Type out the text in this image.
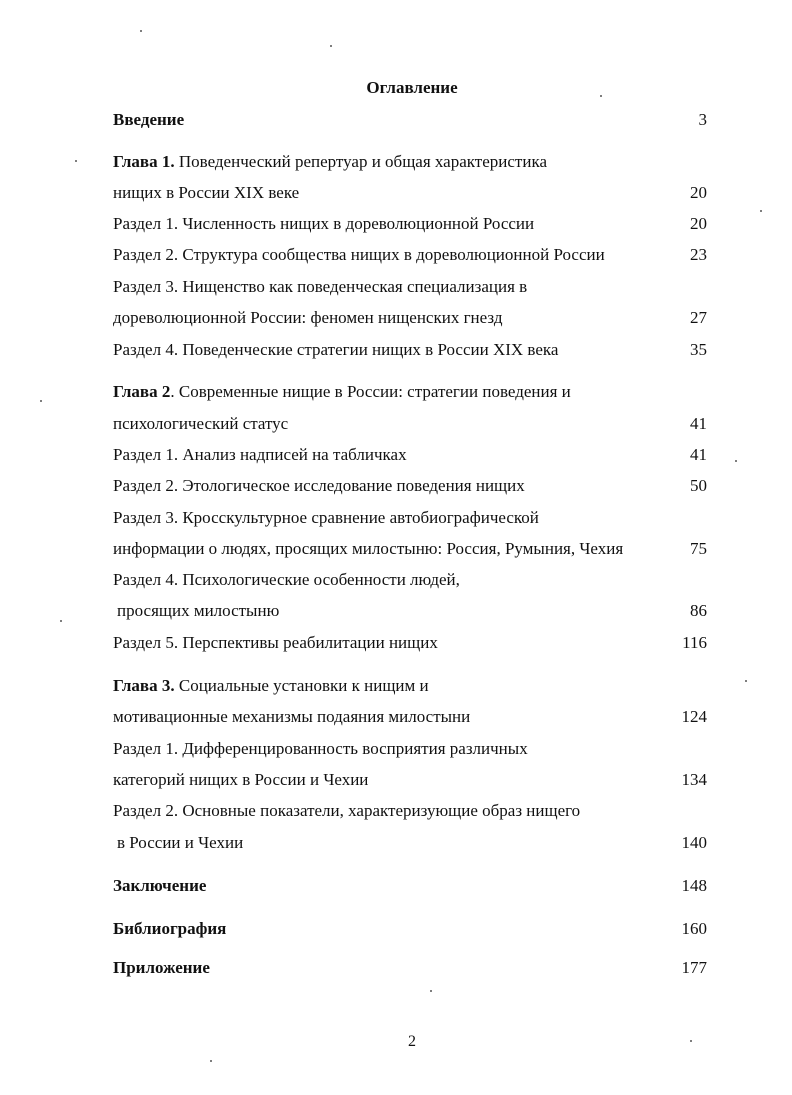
Оглавление
Введение	3
Глава 1. Поведенческий репертуар и общая характеристика
нищих в России XIX веке	20
Раздел 1. Численность нищих в дореволюционной России	20
Раздел 2. Структура сообщества нищих в дореволюционной России	23
Раздел 3. Нищенство как поведенческая специализация в
дореволюционной России: феномен нищенских гнезд	27
Раздел 4. Поведенческие стратегии нищих в России XIX века	35
Глава 2. Современные нищие в России: стратегии поведения и
психологический статус	41
Раздел 1. Анализ надписей на табличках	41
Раздел 2. Этологическое исследование поведения нищих	50
Раздел 3. Кросскультурное сравнение автобиографической
информации о людях, просящих милостыню: Россия, Румыния, Чехия	75
Раздел 4. Психологические особенности людей,
просящих милостыню	86
Раздел 5. Перспективы реабилитации нищих	116
Глава 3. Социальные установки к нищим и
мотивационные механизмы подаяния милостыни	124
Раздел 1. Дифференцированность восприятия различных
категорий нищих в России и Чехии	134
Раздел 2. Основные показатели, характеризующие образ нищего
в России и Чехии	140
Заключение	148
Библиография	160
Приложение	177
2
